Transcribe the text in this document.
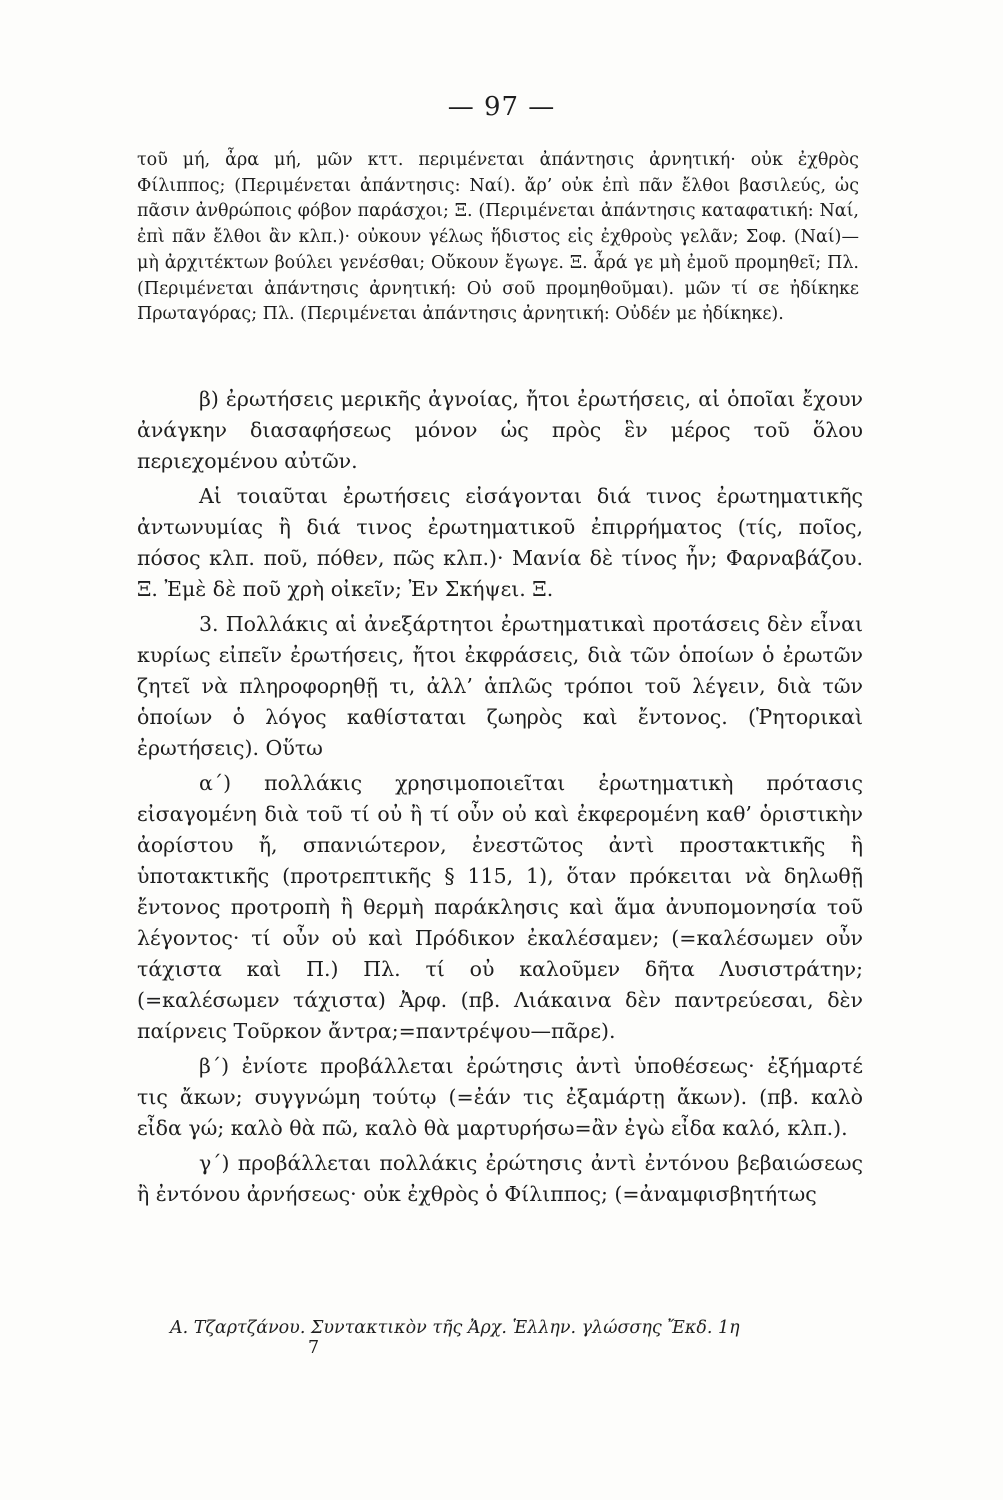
— 97 —
τοῦ μή, ἆρα μή, μῶν κττ. περιμένεται ἀπάντησις ἀρνητική· οὐκ ἐχθρὸς Φίλιππος; (Περιμένεται ἀπάντησις: Ναί). ἄρ’ οὐκ ἐπὶ πᾶν ἔλθοι βασιλεύς, ὡς πᾶσιν ἀνθρώποις φόβον παράσχοι; Ξ. (Περιμένεται ἀπάντησις καταφατική: Ναί, ἐπὶ πᾶν ἔλθοι ἂν κλπ.)· οὐκουν γέλως ἥδιστος εἰς ἐχθροὺς γελᾶν; Σοφ. (Ναί)—μὴ ἀρχιτέκτων βούλει γενέσθαι; Οὔκουν ἔγωγε. Ξ. ἆρά γε μὴ ἐμοῦ προμηθεῖ; Πλ. (Περιμένεται ἀπάντησις ἀρνητική: Οὐ σοῦ προμηθοῦμαι). μῶν τί σε ἠδίκηκε Πρωταγόρας; Πλ. (Περιμένεται ἀπάντησις ἀρνητική: Οὐδέν με ἠδίκηκε).

β) ἐρωτήσεις μερικῆς ἀγνοίας, ἤτοι ἐρωτήσεις, αἱ ὁποῖαι ἔχουν ἀνάγκην διασαφήσεως μόνον ὡς πρὸς ἓν μέρος τοῦ ὅλου περιεχομένου αὐτῶν.

Αἱ τοιαῦται ἐρωτήσεις εἰσάγονται διά τινος ἐρωτηματικῆς ἀντωνυμίας ἢ διά τινος ἐρωτηματικοῦ ἐπιρρήματος (τίς, ποῖος, πόσος κλπ. ποῦ, πόθεν, πῶς κλπ.)· Μανία δὲ τίνος ἦν; Φαρναβάζου. Ξ. Ἐμὲ δὲ ποῦ χρὴ οἰκεῖν; Ἐν Σκήψει. Ξ.

3. Πολλάκις αἱ ἀνεξάρτητοι ἐρωτηματικαὶ προτάσεις δὲν εἶναι κυρίως εἰπεῖν ἐρωτήσεις, ἤτοι ἐκφράσεις, διὰ τῶν ὁποίων ὁ ἐρωτῶν ζητεῖ νὰ πληροφορηθῇ τι, ἀλλ’ ἁπλῶς τρόποι τοῦ λέγειν, διὰ τῶν ὁποίων ὁ λόγος καθίσταται ζωηρὸς καὶ ἔντονος. (Ῥητορικαὶ ἐρωτήσεις). Οὕτω

α΄) πολλάκις χρησιμοποιεῖται ἐρωτηματικὴ πρότασις εἰσαγομένη διὰ τοῦ τί οὐ ἢ τί οὖν οὐ καὶ ἐκφερομένη καθ’ ὁριστικὴν ἀορίστου ἤ, σπανιώτερον, ἐνεστῶτος ἀντὶ προστακτικῆς ἢ ὑποτακτικῆς (προτρεπτικῆς § 115, 1), ὅταν πρόκειται νὰ δηλωθῇ ἔντονος προτροπὴ ἢ θερμὴ παράκλησις καὶ ἅμα ἀνυπομονησία τοῦ λέγοντος· τί οὖν οὐ καὶ Πρόδικον ἐκαλέσαμεν; (=καλέσωμεν οὖν τάχιστα καὶ Π.) Πλ. τί οὐ καλοῦμεν δῆτα Λυσιστράτην; (=καλέσωμεν τάχιστα) Ἀρφ. (πβ. Λιάκαινα δὲν παντρεύεσαι, δὲν παίρνεις Τοῦρκον ἄντρα;=παντρέψου—πᾶρε).

β΄) ἐνίοτε προβάλλεται ἐρώτησις ἀντὶ ὑποθέσεως· ἐξήμαρτέ τις ἄκων; συγγνώμη τούτῳ (=ἐάν τις ἐξαμάρτῃ ἄκων). (πβ. καλὸ εἶδα γώ; καλὸ θὰ πῶ, καλὸ θὰ μαρτυρήσω=ἂν ἐγὼ εἶδα καλό, κλπ.).

γ΄) προβάλλεται πολλάκις ἐρώτησις ἀντὶ ἐντόνου βεβαιώσεως ἢ ἐντόνου ἀρνήσεως· οὐκ ἐχθρὸς ὁ Φίλιππος; (=ἀναμφισβητήτως

Α. Τζαρτζάνου. Συντακτικὸν τῆς Ἀρχ. Ἑλλην. γλώσσης Ἔκδ. 1η 7
